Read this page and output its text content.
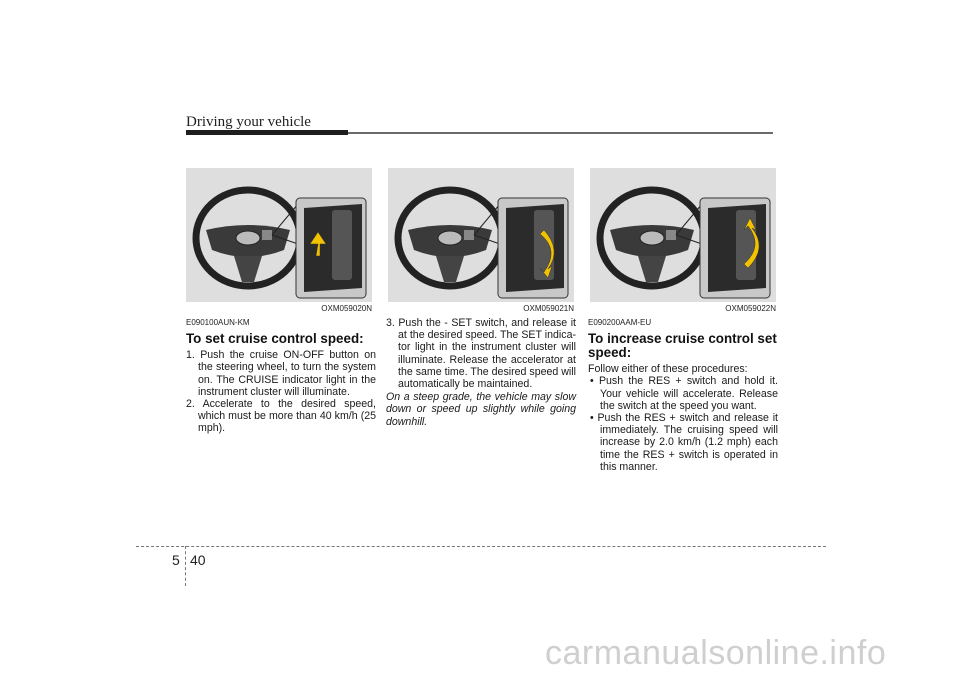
Driving your vehicle
OXM059020N	OXM059021N	OXM059022N
E090100AUN-KM
To set cruise control speed:
1. Push the cruise ON-OFF button on the steering wheel, to turn the system on. The CRUISE indicator light in the instrument cluster will illuminate.
2. Accelerate to the desired speed, which must be more than 40 km/h (25 mph).
3. Push the - SET switch, and release it at the desired speed. The SET indica-tor light in the instrument cluster will illuminate. Release the accelerator at the same time. The desired speed will automatically be maintained.
On a steep grade, the vehicle may slow down or speed up slightly while going downhill.
E090200AAM-EU
To increase cruise control set speed:
Follow either of these procedures:
• Push the RES + switch and hold it. Your vehicle will accelerate. Release the switch at the speed you want.
• Push the RES + switch and release it immediately. The cruising speed will increase by 2.0 km/h (1.2 mph) each time the RES + switch is operated in this manner.
5 40
carmanualsonline.info
